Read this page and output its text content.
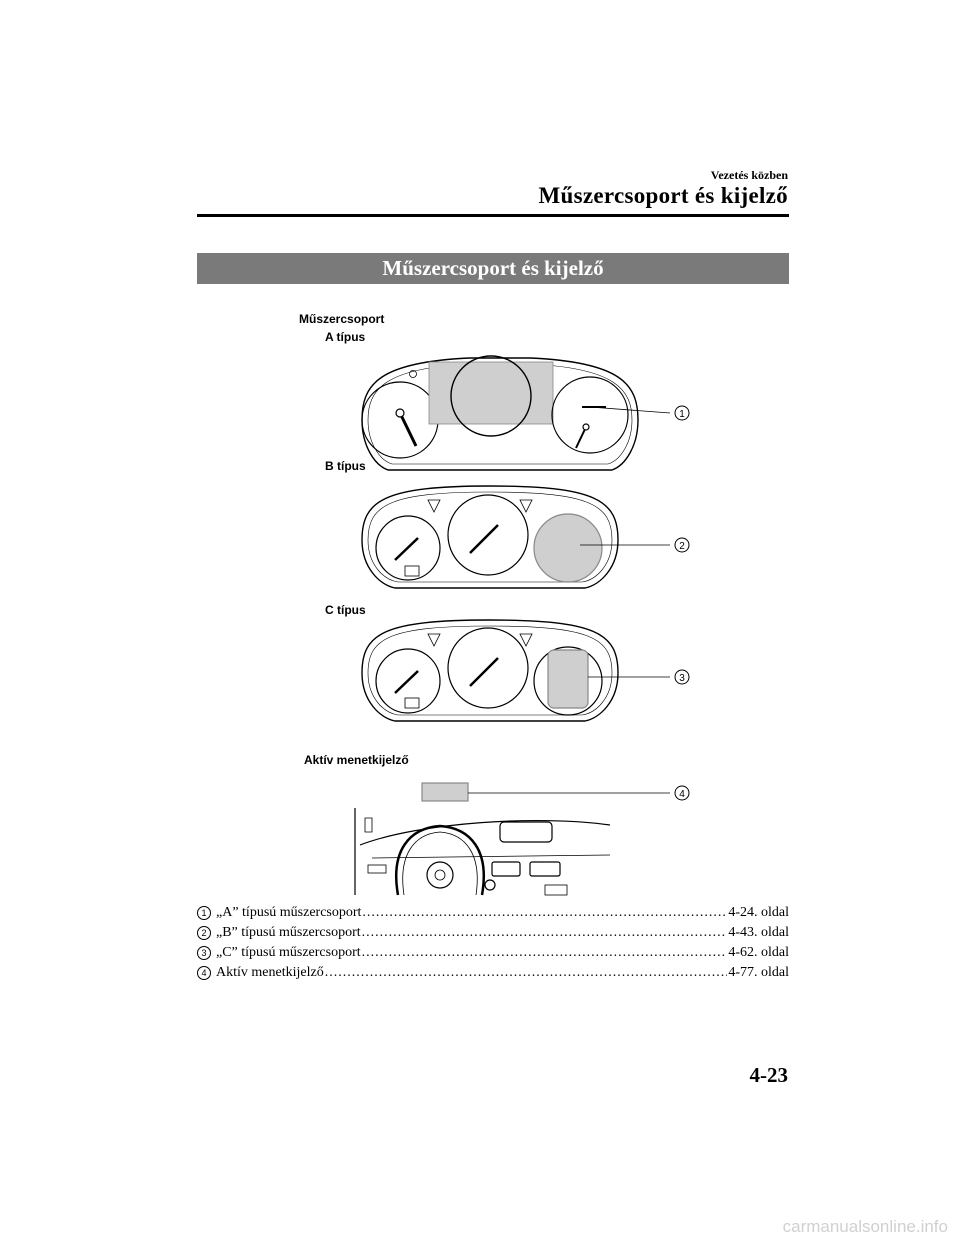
Vezetés közben
Műszercsoport és kijelző
Műszercsoport és kijelző
Műszercsoport
A típus
B típus
C típus
Aktív menetkijelző
1
2
3
4
1 „A” típusú műszercsoport .....	4-24. oldal
2 „B” típusú műszercsoport .....	4-43. oldal
3 „C” típusú műszercsoport .....	4-62. oldal
4 Aktív menetkijelző .....	4-77. oldal
4-23
carmanualsonline.info
